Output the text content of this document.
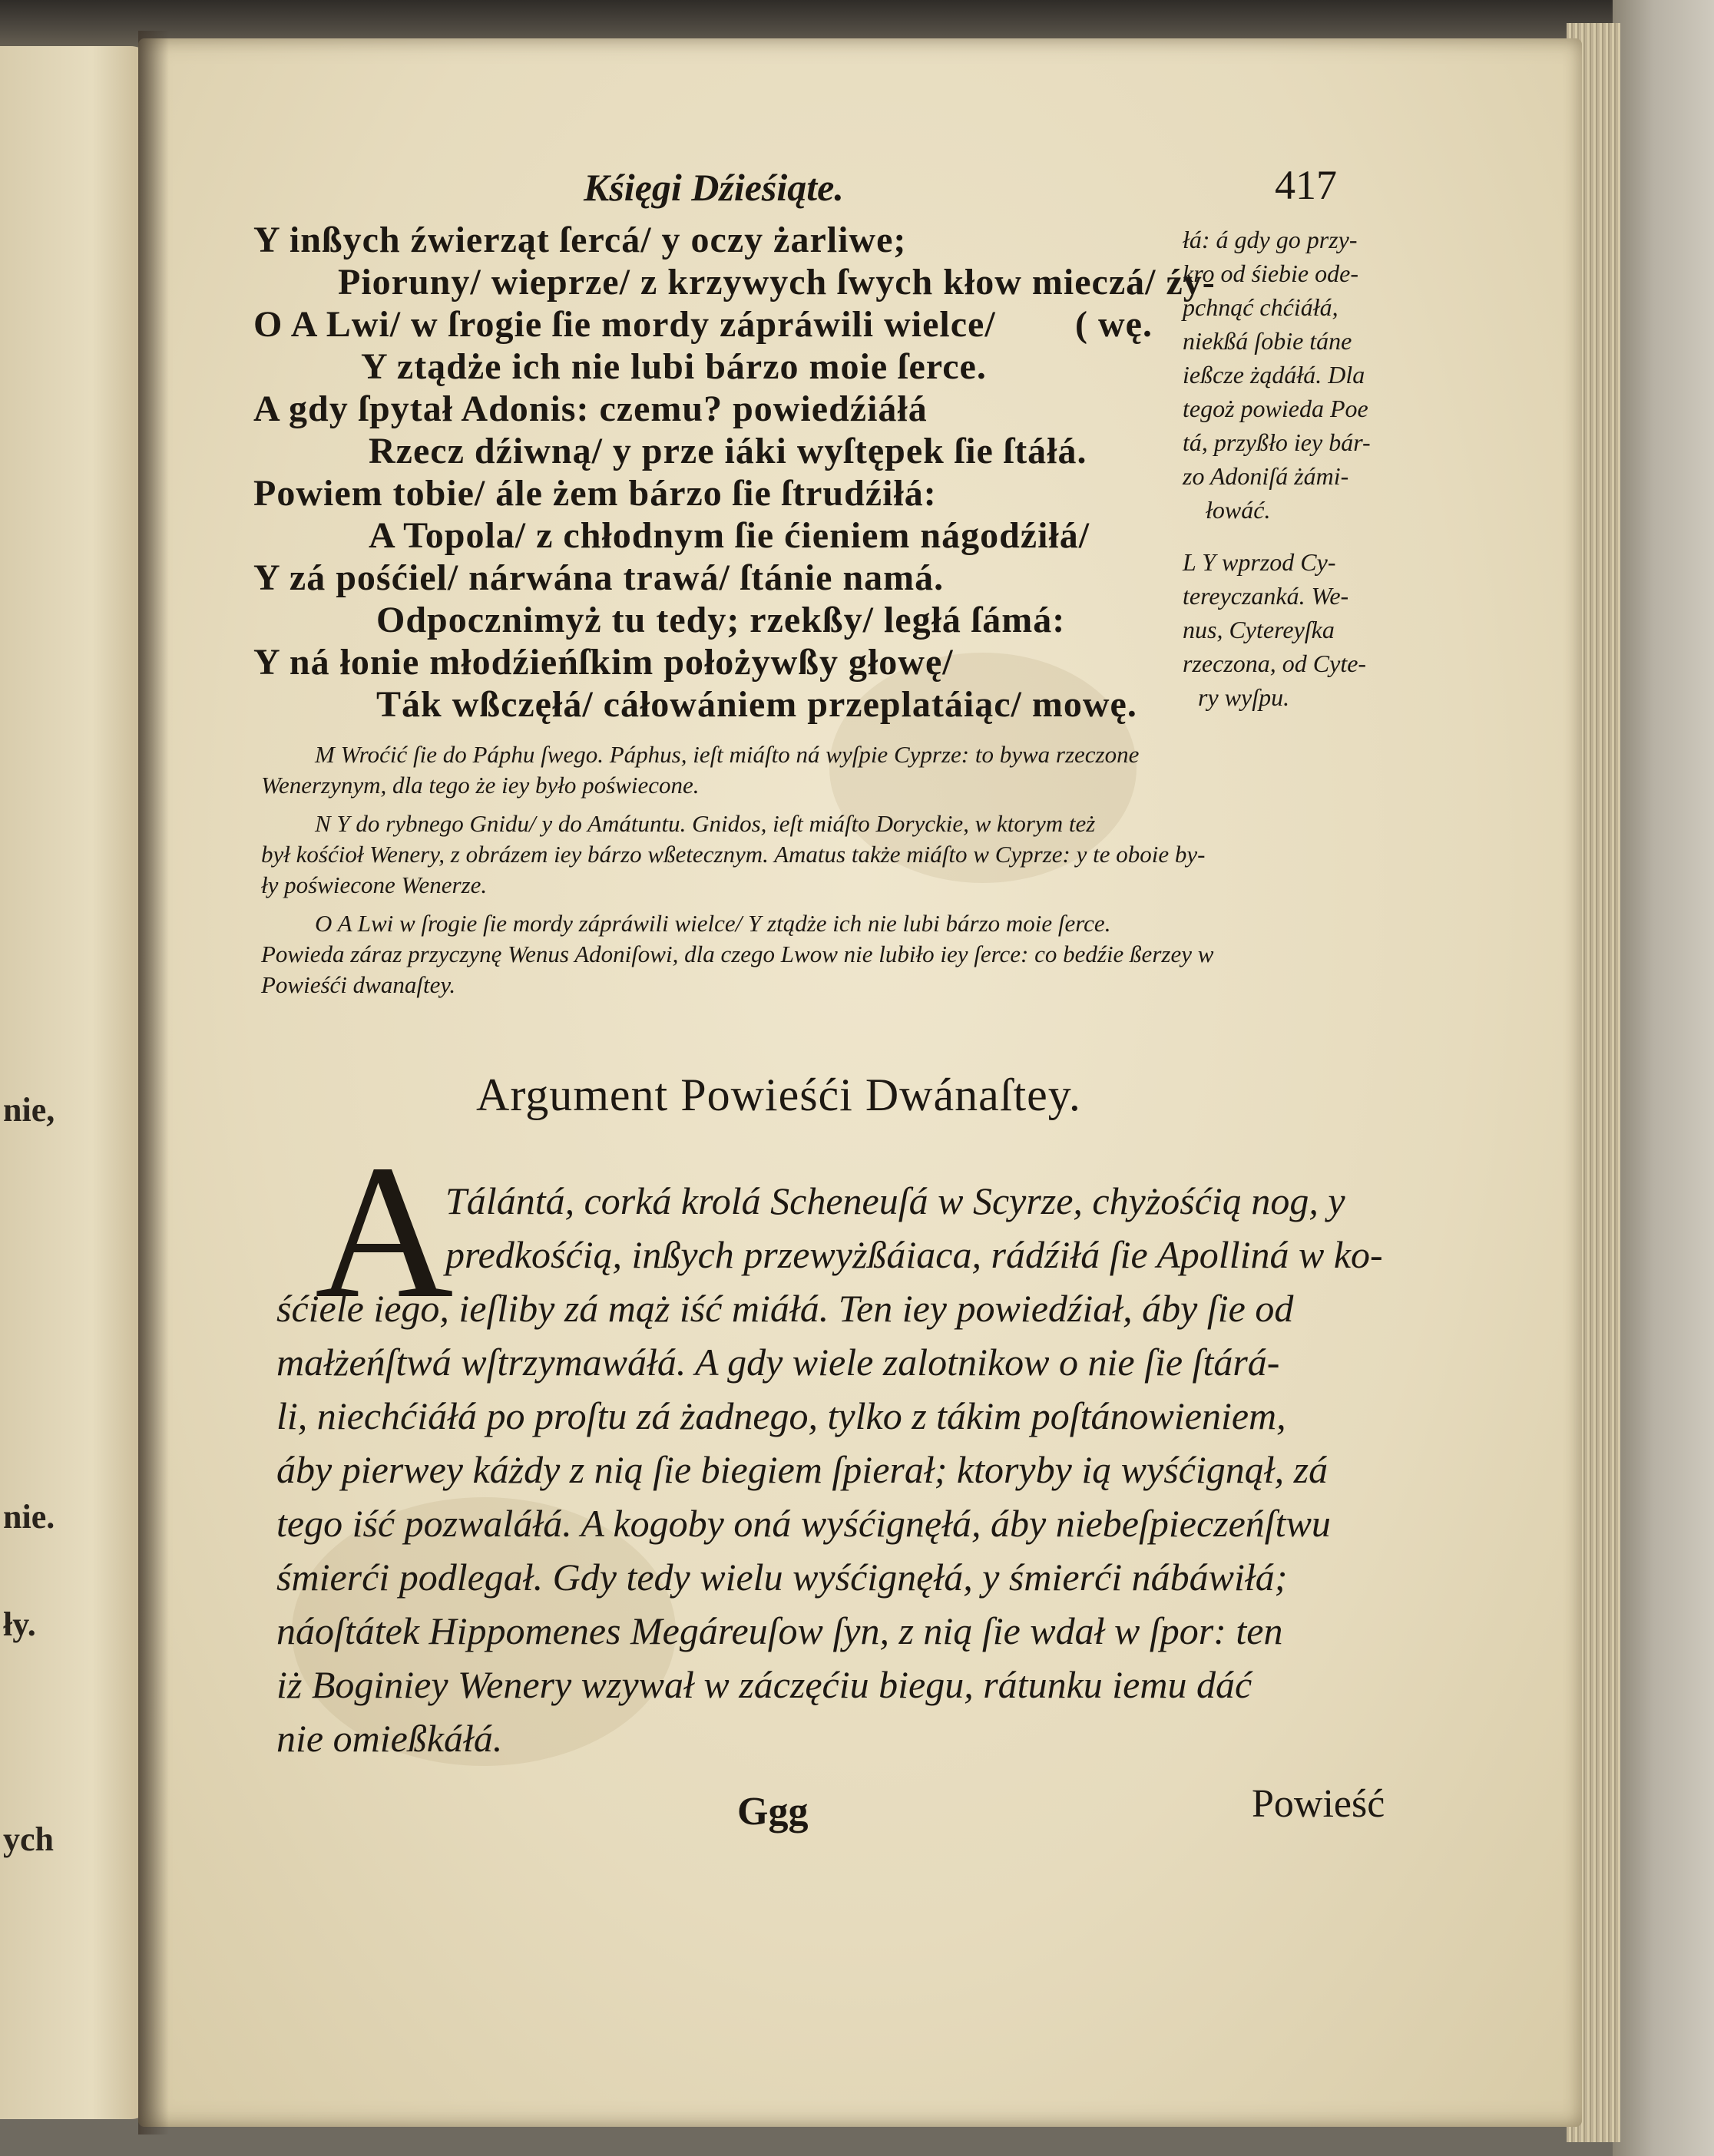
nie,
nie.
ły.
ych
Kśięgi Dźieśiąte.	417
Y inßych źwierząt ſercá/ y oczy żarliwe;
Pioruny/ wieprze/ z krzywych ſwych kłow mieczá/ źy-
O A Lwi/ w ſrogie ſie mordy zápráwili wielce/ ( wę.
Y ztądże ich nie lubi bárzo moie ſerce.
A gdy ſpytał Adonis: czemu? powiedźiáłá
Rzecz dźiwną/ y prze iáki wyſtępek ſie ſtáłá.
Powiem tobie/ ále żem bárzo ſie ſtrudźiłá:
A Topola/ z chłodnym ſie ćieniem nágodźiłá/
Y zá pośćiel/ nárwána trawá/ ſtánie namá.
Odpocznimyż tu tedy; rzekßy/ ległá ſámá:
Y ná łonie młodźieńſkim położywßy głowę/
Ták wßczęłá/ cáłowániem przeplatáiąc/ mowę.
łá: á gdy go przy-
kro od śiebie ode-
pchnąć chćiáłá,
niekßá ſobie táne
ießcze żądáłá. Dla
tegoż powieda Poe
tá, przyßło iey bár-
zo Adoniſá żámi-
łowáć.
L Y wprzod Cy-
tereyczanká. We-
nus, Cytereyſka
rzeczona, od Cyte-
ry wyſpu.
M Wroćić ſie do Páphu ſwego. Páphus, ieſt miáſto ná wyſpie Cyprze: to bywa rzeczone
Wenerzynym, dla tego że iey było poświecone.
N Y do rybnego Gnidu/ y do Amátuntu. Gnidos, ieſt miáſto Doryckie, w ktorym też
był kośćioł Wenery, z obrázem iey bárzo wßetecznym. Amatus także miáſto w Cyprze: y te oboie by-
ły poświecone Wenerze.
O A Lwi w ſrogie ſie mordy zápráwili wielce/ Y ztądże ich nie lubi bárzo moie ſerce.
Powieda záraz przyczynę Wenus Adoniſowi, dla czego Lwow nie lubiło iey ſerce: co bedźie ßerzey w
Powieśći dwanaſtey.
Argument Powieśći Dwánaſtey.
A
Tálántá, corká krolá Scheneuſá w Scyrze, chyżośćią nog, y
predkośćią, inßych przewyżßáiaca, rádźiłá ſie Apolliná w ko-
śćiele iego, ieſliby zá mąż iść miáłá. Ten iey powiedźiał, áby ſie od
małżeńſtwá wſtrzymawáłá. A gdy wiele zalotnikow o nie ſie ſtárá-
li, niechćiáłá po proſtu zá żadnego, tylko z tákim poſtánowieniem,
áby pierwey káżdy z nią ſie biegiem ſpierał; ktoryby ią wyśćignął, zá
tego iść pozwaláłá. A kogoby oná wyśćignęłá, áby niebeſpieczeńſtwu
śmierći podlegał. Gdy tedy wielu wyśćignęłá, y śmierći nábáwiłá;
náoſtátek Hippomenes Megáreuſow ſyn, z nią ſie wdał w ſpor: ten
iż Boginiey Wenery wzywał w záczęćiu biegu, rátunku iemu dáć
nie omießkáłá.
Ggg	Powieść
